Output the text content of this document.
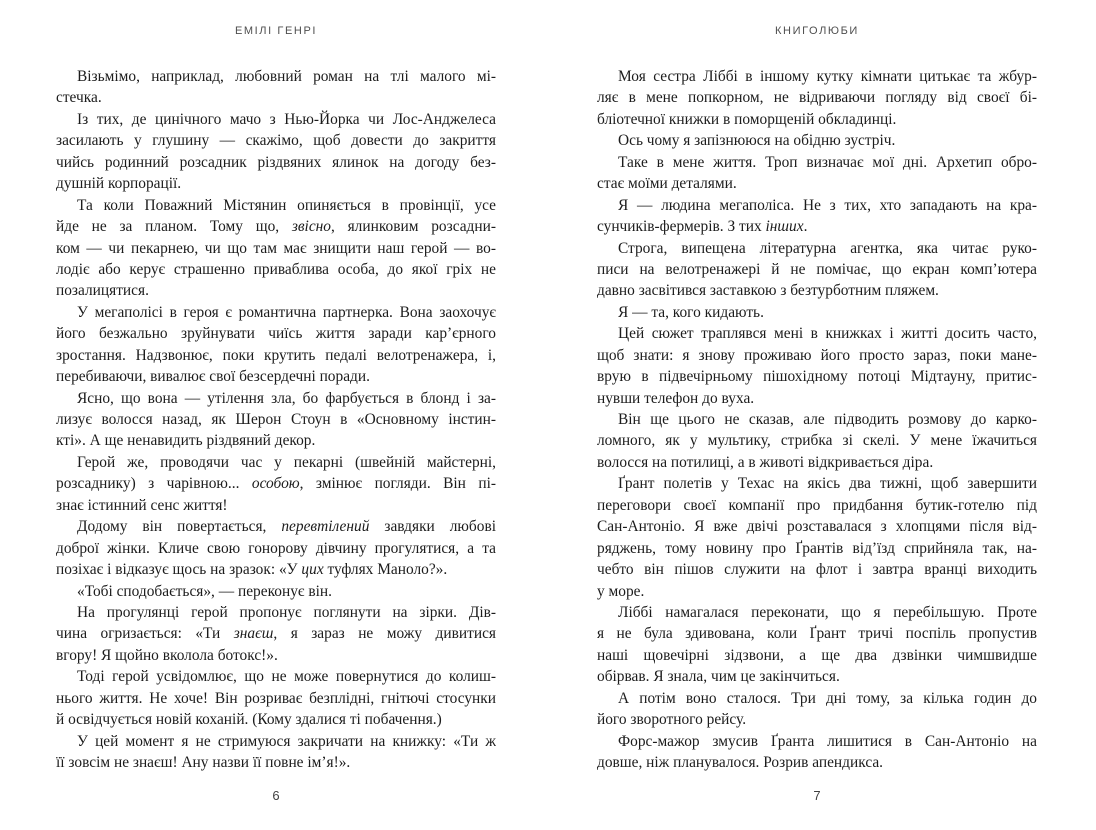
ЕМІЛІ ГЕНРІ
Візьмімо, наприклад, любовний роман на тлі малого мі-
стечка.
Із тих, де цинічного мачо з Нью-Йорка чи Лос-Анджелеса
засилають у глушину — скажімо, щоб довести до закриття
чийсь родинний розсадник різдвяних ялинок на догоду без-
душній корпорації.
Та коли Поважний Містянин опиняється в провінції, усе
йде не за планом. Тому що, звісно, ялинковим розсадни-
ком — чи пекарнею, чи що там має знищити наш герой — во-
лодіє або керує страшенно приваблива особа, до якої гріх не
позалицятися.
У мегаполісі в героя є романтична партнерка. Вона заохочує
його безжально зруйнувати чиїсь життя заради кар’єрного
зростання. Надзвонює, поки крутить педалі велотренажера, і,
перебиваючи, вивалює свої безсердечні поради.
Ясно, що вона — утілення зла, бо фарбується в блонд і за-
лизує волосся назад, як Шерон Стоун в «Основному інстин-
кті». А ще ненавидить різдвяний декор.
Герой же, проводячи час у пекарні (швейній майстерні,
розсаднику) з чарівною... особою, змінює погляди. Він пі-
знає істинний сенс життя!
Додому він повертається, перевтілений завдяки любові
доброї жінки. Кличе свою гонорову дівчину прогулятися, а та
позіхає і відказує щось на зразок: «У цих туфлях Маноло?».
«Тобі сподобається», — переконує він.
На прогулянці герой пропонує поглянути на зірки. Дів-
чина огризається: «Ти знаєш, я зараз не можу дивитися
вгору! Я щойно вколола ботокс!».
Тоді герой усвідомлює, що не може повернутися до колиш-
нього життя. Не хоче! Він розриває безплідні, гнітючі стосунки
й освідчується новій коханій. (Кому здалися ті побачення.)
У цей момент я не стримуюся закричати на книжку: «Ти ж
її зовсім не знаєш! Ану назви її повне ім’я!».
6
КНИГОЛЮБИ
Моя сестра Ліббі в іншому кутку кімнати цитькає та жбур-
ляє в мене попкорном, не відриваючи погляду від своєї бі-
бліотечної книжки в поморщеній обкладинці.
Ось чому я запізнююся на обідню зустріч.
Таке в мене життя. Троп визначає мої дні. Архетип обро-
стає моїми деталями.
Я — людина мегаполіса. Не з тих, хто западають на кра-
сунчиків-фермерів. З тих інших.
Строга, випещена літературна агентка, яка читає руко-
писи на велотренажері й не помічає, що екран комп’ютера
давно засвітився заставкою з безтурботним пляжем.
Я — та, кого кидають.
Цей сюжет траплявся мені в книжках і житті досить часто,
щоб знати: я знову проживаю його просто зараз, поки мане-
врую в підвечірньому пішохідному потоці Мідтауну, притис-
нувши телефон до вуха.
Він ще цього не сказав, але підводить розмову до карко-
ломного, як у мультику, стрибка зі скелі. У мене їжачиться
волосся на потилиці, а в животі відкривається діра.
Ґрант полетів у Техас на якісь два тижні, щоб завершити
переговори своєї компанії про придбання бутик-готелю під
Сан-Антоніо. Я вже двічі розставалася з хлопцями після від-
ряджень, тому новину про Ґрантів від’їзд сприйняла так, на-
чебто він пішов служити на флот і завтра вранці виходить
у море.
Ліббі намагалася переконати, що я перебільшую. Проте
я не була здивована, коли Ґрант тричі поспіль пропустив
наші щовечірні зідзвони, а ще два дзвінки чимшвидше
обірвав. Я знала, чим це закінчиться.
А потім воно сталося. Три дні тому, за кілька годин до
його зворотного рейсу.
Форс-мажор змусив Ґранта лишитися в Сан-Антоніо на
довше, ніж планувалося. Розрив апендикса.
7
